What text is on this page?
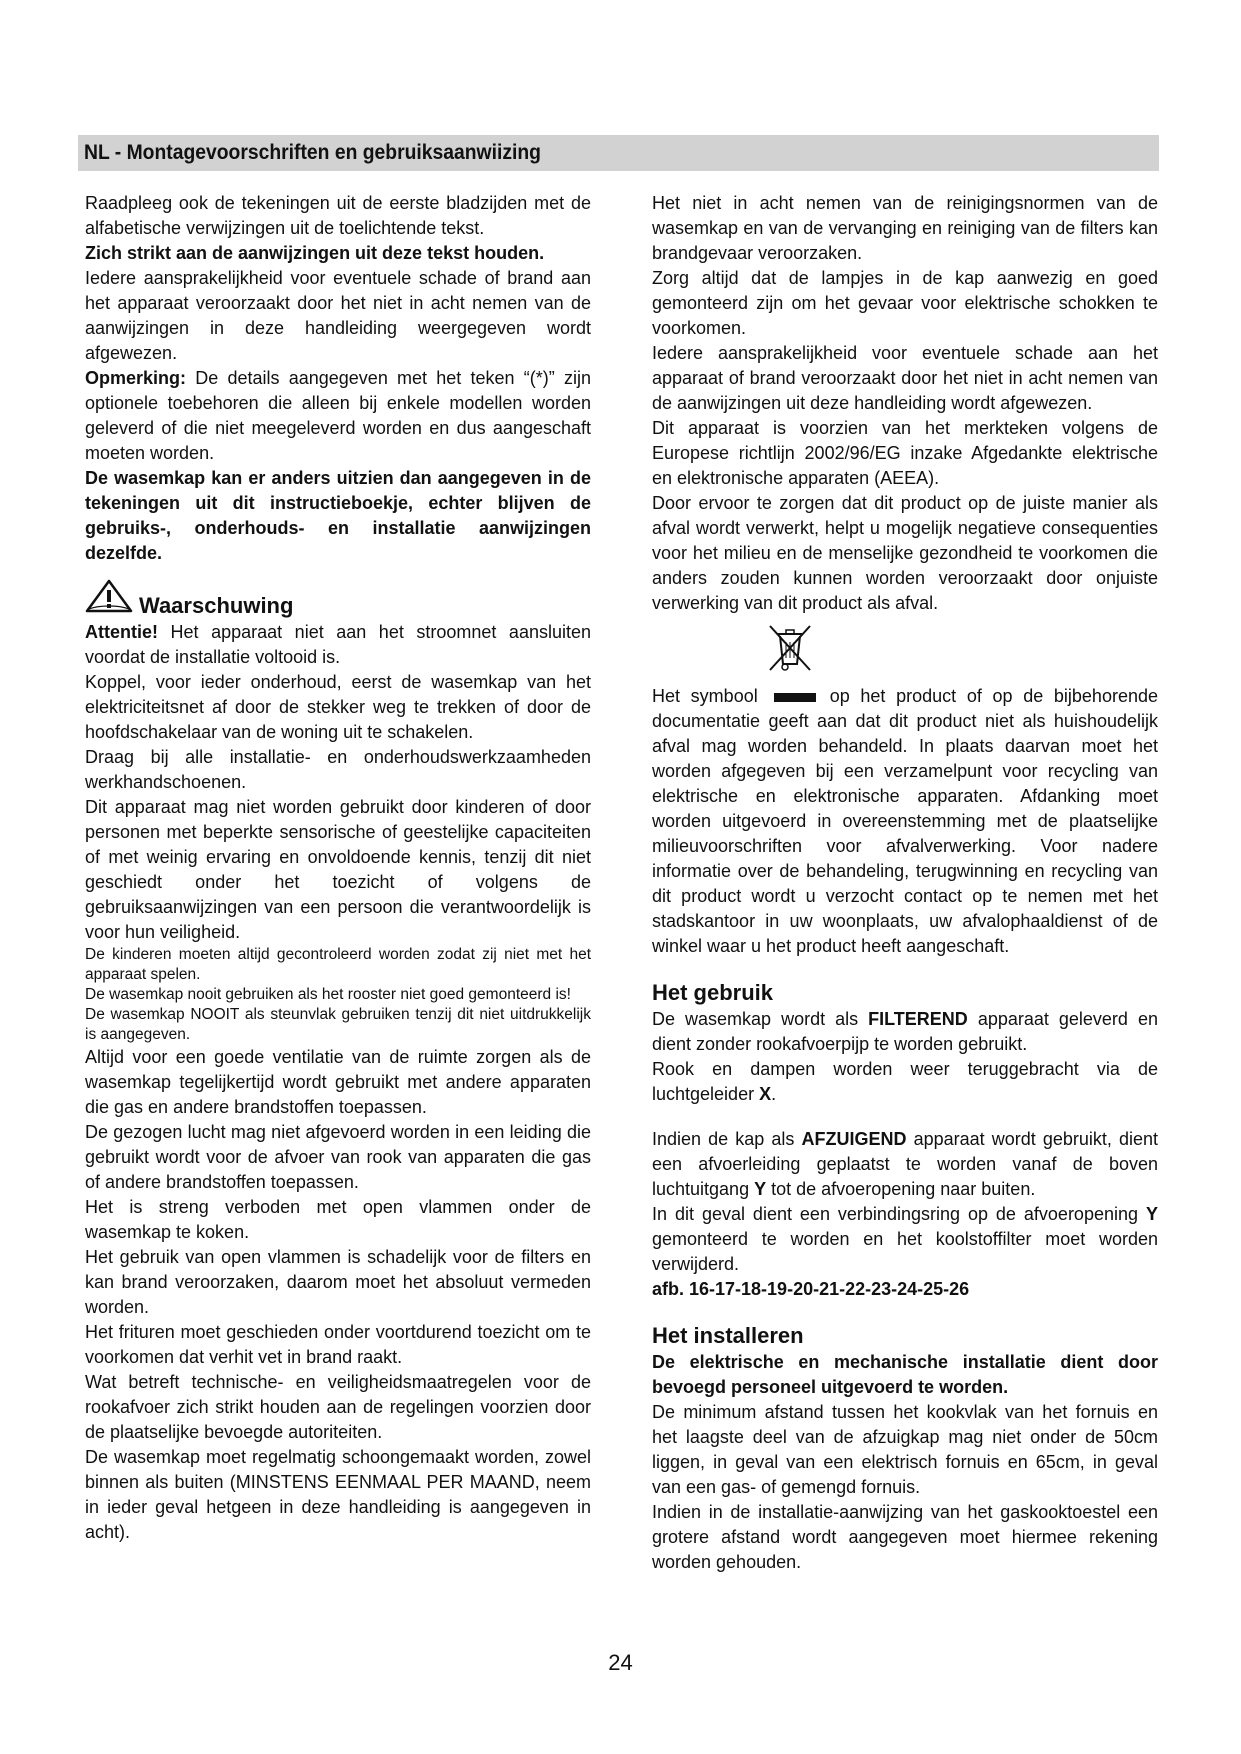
NL - Montagevoorschriften en gebruiksaanwiizing

Raadpleeg ook de tekeningen uit de eerste bladzijden met de alfabetische verwijzingen uit de toelichtende tekst.

Zich strikt aan de aanwijzingen uit deze tekst houden.

Iedere aansprakelijkheid voor eventuele schade of brand aan het apparaat veroorzaakt door het niet in acht nemen van de aanwijzingen in deze handleiding weergegeven wordt afgewezen.

Opmerking: De details aangegeven met het teken “(*)” zijn optionele toebehoren die alleen bij enkele modellen worden geleverd of die niet meegeleverd worden en dus aangeschaft moeten worden.

De wasemkap kan er anders uitzien dan aangegeven in de tekeningen uit dit instructieboekje, echter blijven de gebruiks-, onderhouds- en installatie aanwijzingen dezelfde.

Waarschuwing

Attentie! Het apparaat niet aan het stroomnet aansluiten voordat de installatie voltooid is.

Koppel, voor ieder onderhoud, eerst de wasemkap van het elektriciteitsnet af door de stekker weg te trekken of door de hoofdschakelaar van de woning uit te schakelen.

Draag bij alle installatie- en onderhoudswerkzaamheden werkhandschoenen.

Dit apparaat mag niet worden gebruikt door kinderen of door personen met beperkte sensorische of geestelijke capaciteiten of met weinig ervaring en onvoldoende kennis, tenzij dit niet geschiedt onder het toezicht of volgens de gebruiksaanwijzingen van een persoon die verantwoordelijk is voor hun veiligheid.

De kinderen moeten altijd gecontroleerd worden zodat zij niet met het apparaat spelen.

De wasemkap nooit gebruiken als het rooster niet goed gemonteerd is!

De wasemkap NOOIT als steunvlak gebruiken tenzij dit niet uitdrukkelijk is aangegeven.

Altijd voor een goede ventilatie van de ruimte zorgen als de wasemkap tegelijkertijd wordt gebruikt met andere apparaten die gas en andere brandstoffen toepassen.

De gezogen lucht mag niet afgevoerd worden in een leiding die gebruikt wordt voor de afvoer van rook van apparaten die gas of andere brandstoffen toepassen.

Het is streng verboden met open vlammen onder de wasemkap te koken.

Het gebruik van open vlammen is schadelijk voor de filters en kan brand veroorzaken, daarom moet het absoluut vermeden worden.

Het frituren moet geschieden onder voortdurend toezicht om te voorkomen dat verhit vet in brand raakt.

Wat betreft technische- en veiligheidsmaatregelen voor de rookafvoer zich strikt houden aan de regelingen voorzien door de plaatselijke bevoegde autoriteiten.

De wasemkap moet regelmatig schoongemaakt worden, zowel binnen als buiten (MINSTENS EENMAAL PER MAAND, neem in ieder geval hetgeen in deze handleiding is aangegeven in acht).

Het niet in acht nemen van de reinigingsnormen van de wasemkap en van de vervanging en reiniging van de filters kan brandgevaar veroorzaken.

Zorg altijd dat de lampjes in de kap aanwezig en goed gemonteerd zijn om het gevaar voor elektrische schokken te voorkomen.

Iedere aansprakelijkheid voor eventuele schade aan het apparaat of brand veroorzaakt door het niet in acht nemen van de aanwijzingen uit deze handleiding wordt afgewezen.

Dit apparaat is voorzien van het merkteken volgens de Europese richtlijn 2002/96/EG inzake Afgedankte elektrische en elektronische apparaten (AEEA).

Door ervoor te zorgen dat dit product op de juiste manier als afval wordt verwerkt, helpt u mogelijk negatieve consequenties voor het milieu en de menselijke gezondheid te voorkomen die anders zouden kunnen worden veroorzaakt door onjuiste verwerking van dit product als afval.

Het symbool	op het product of op de bijbehorende documentatie geeft aan dat dit product niet als huishoudelijk afval mag worden behandeld. In plaats daarvan moet het worden afgegeven bij een verzamelpunt voor recycling van elektrische en elektronische apparaten. Afdanking moet worden uitgevoerd in overeenstemming met de plaatselijke milieuvoorschriften voor afvalverwerking. Voor nadere informatie over de behandeling, terugwinning en recycling van dit product wordt u verzocht contact op te nemen met het stadskantoor in uw woonplaats, uw afvalophaaldienst of de winkel waar u het product heeft aangeschaft.

Het gebruik

De wasemkap wordt als FILTEREND apparaat geleverd en dient zonder rookafvoerpijp te worden gebruikt.

Rook en dampen worden weer teruggebracht via de luchtgeleider X.

Indien de kap als AFZUIGEND apparaat wordt gebruikt, dient een afvoerleiding geplaatst te worden vanaf de boven luchtuitgang Y tot de afvoeropening naar buiten.

In dit geval dient een verbindingsring op de afvoeropening Y gemonteerd te worden en het koolstoffilter moet worden verwijderd.

afb. 16-17-18-19-20-21-22-23-24-25-26

Het installeren

De elektrische en mechanische installatie dient door bevoegd personeel uitgevoerd te worden.

De minimum afstand tussen het kookvlak van het fornuis en het laagste deel van de afzuigkap mag niet onder de 50cm liggen, in geval van een elektrisch fornuis en 65cm, in geval van een gas- of gemengd fornuis.

Indien in de installatie-aanwijzing van het gaskooktoestel een grotere afstand wordt aangegeven moet hiermee rekening worden gehouden.

24
